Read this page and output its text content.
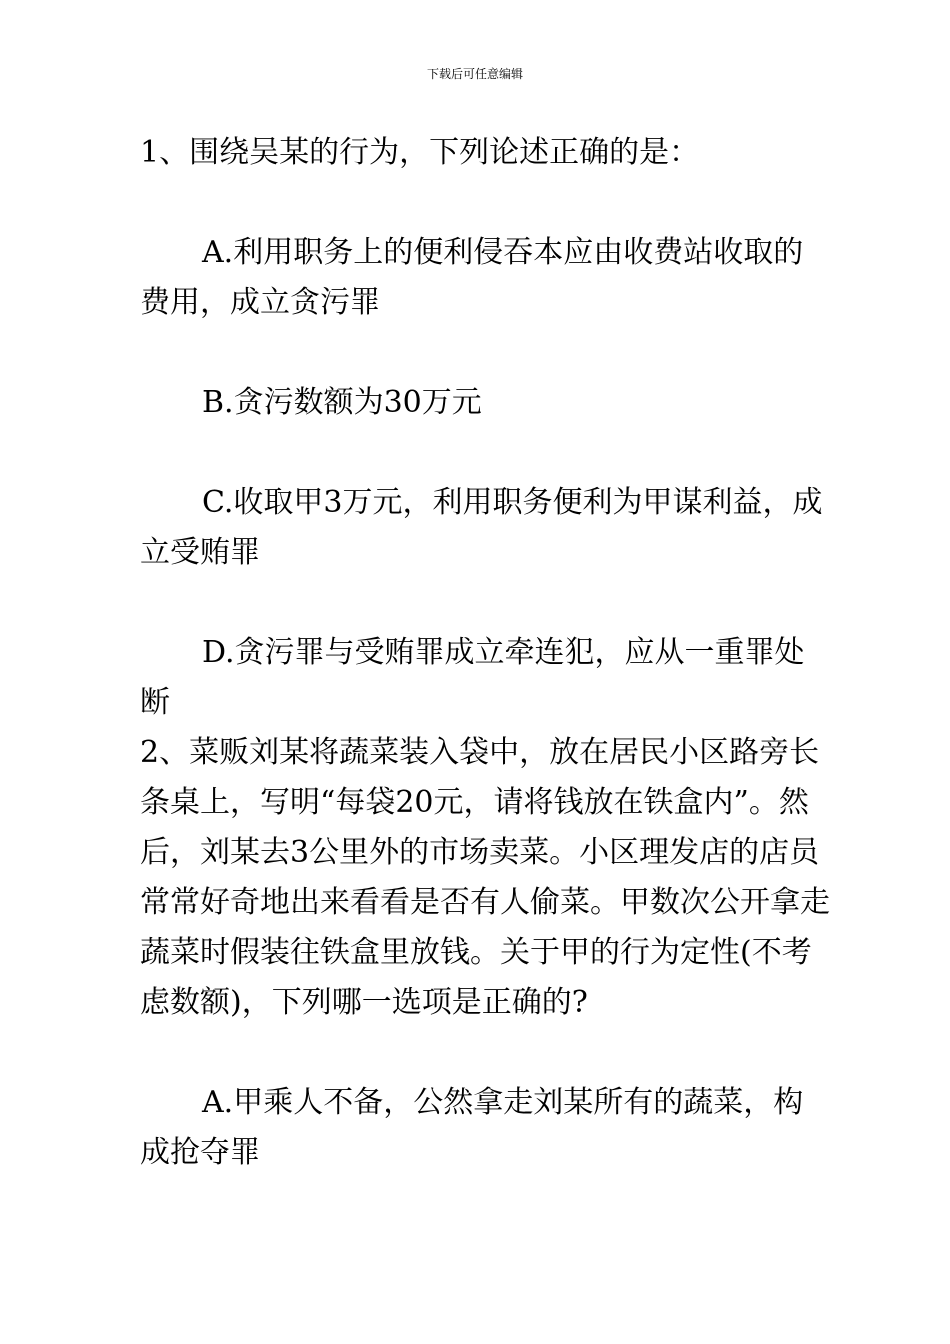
下载后可任意编辑

1、围绕吴某的行为，下列论述正确的是：

A.利用职务上的便利侵吞本应由收费站收取的费用，成立贪污罪

B.贪污数额为30万元

C.收取甲3万元，利用职务便利为甲谋利益，成立受贿罪

D.贪污罪与受贿罪成立牵连犯，应从一重罪处断

2、菜贩刘某将蔬菜装入袋中，放在居民小区路旁长条桌上，写明“每袋20元，请将钱放在铁盒内”。然后，刘某去3公里外的市场卖菜。小区理发店的店员常常好奇地出来看看是否有人偷菜。甲数次公开拿走蔬菜时假装往铁盒里放钱。关于甲的行为定性(不考虑数额)，下列哪一选项是正确的?

A.甲乘人不备，公然拿走刘某所有的蔬菜，构成抢夺罪
